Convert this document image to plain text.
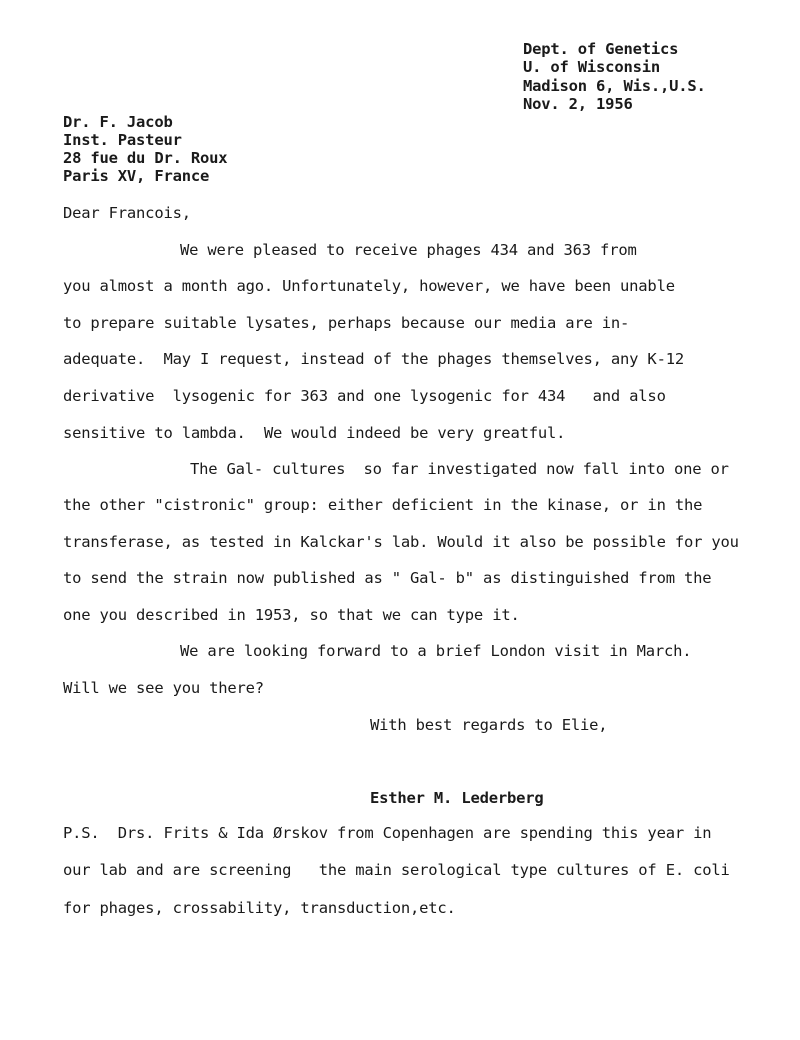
Dept. of Genetics

U. of Wisconsin

Madison 6, Wis.,U.S.

Nov. 2, 1956

Dr. F. Jacob

Inst. Pasteur

28 fue du Dr. Roux

Paris XV, France

Dear Francois,

We were pleased to receive phages 434 and 363 from

you almost a month ago. Unfortunately, however, we have been unable

to prepare suitable lysates, perhaps because our media are in-

adequate.  May I request, instead of the phages themselves, any K-12

derivative  lysogenic for 363 and one lysogenic for 434   and also

sensitive to lambda.  We would indeed be very greatful.

The Gal- cultures  so far investigated now fall into one or

the other "cistronic" group: either deficient in the kinase, or in the

transferase, as tested in Kalckar's lab. Would it also be possible for you

to send the strain now published as " Gal- b" as distinguished from the

one you described in 1953, so that we can type it.

We are looking forward to a brief London visit in March.

Will we see you there?

With best regards to Elie,

Esther M. Lederberg

P.S.  Drs. Frits & Ida Ørskov from Copenhagen are spending this year in

our lab and are screening   the main serological type cultures of E. coli

for phages, crossability, transduction,etc.
